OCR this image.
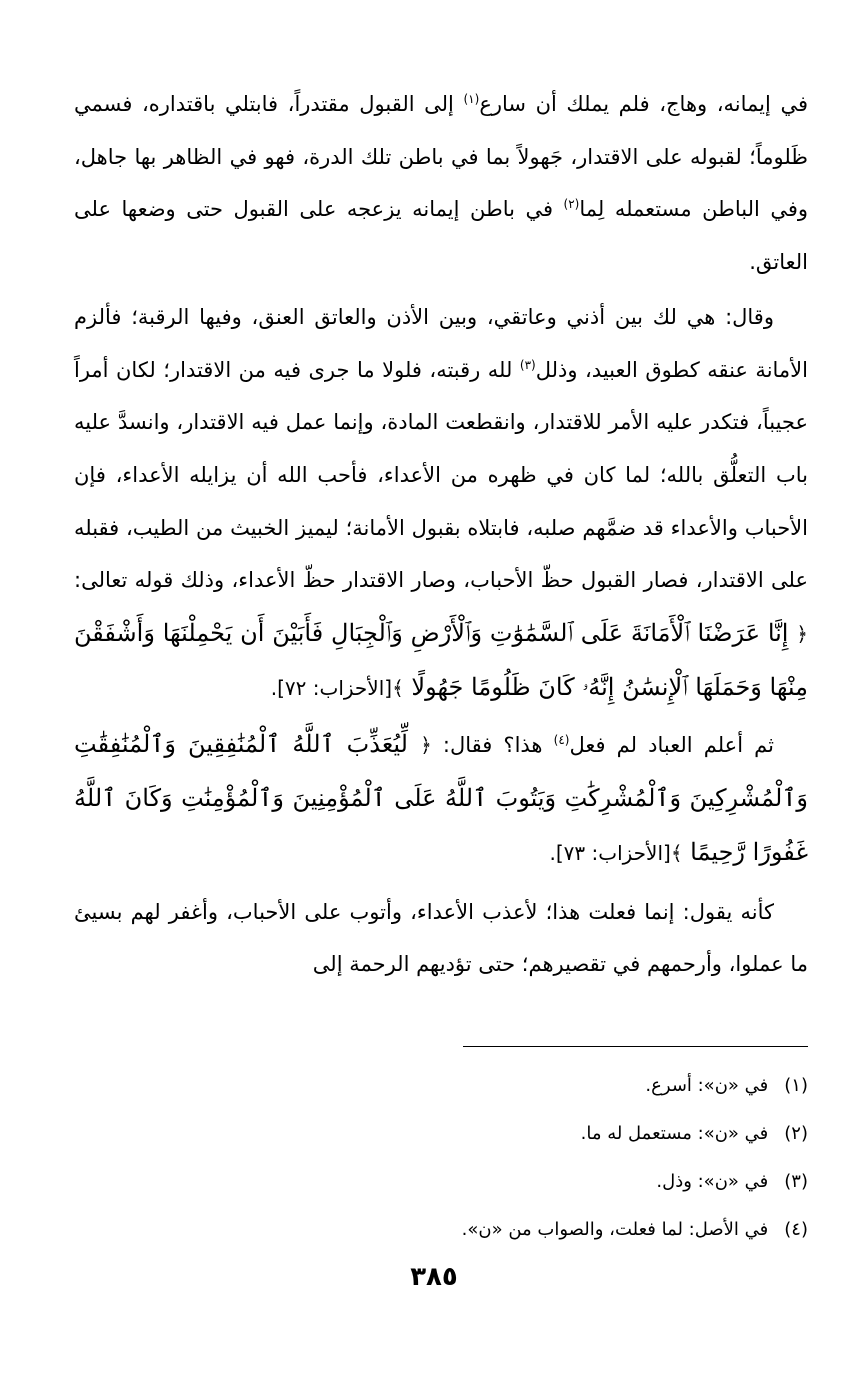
في إيمانه، وهاج، فلم يملك أن سارع$^{(١)}$ إلى القبول مقتدراً، فابتلي باقتداره، فسمي ظَلوماً؛ لقبوله على الاقتدار، جَهولاً بما في باطن تلك الدرة، فهو في الظاهر بها جاهل، وفي الباطن مستعمله لِما$^{(٢)}$ في باطن إيمانه يزعجه على القبول حتى وضعها على العاتق.

وقال: هي لك بين أذني وعاتقي، وبين الأذن والعاتق العنق، وفيها الرقبة؛ فألزم الأمانة عنقه كطوق العبيد، وذلل$^{(٣)}$ لله رقبته، فلولا ما جرى فيه من الاقتدار؛ لكان أمراً عجيباً، فتكدر عليه الأمر للاقتدار، وانقطعت المادة، وإنما عمل فيه الاقتدار، وانسدَّ عليه باب التعلُّق بالله؛ لما كان في ظهره من الأعداء، فأحب الله أن يزايله الأعداء، فإن الأحباب والأعداء قد ضمَّهم صلبه، فابتلاه بقبول الأمانة؛ ليميز الخبيث من الطيب، فقبله على الاقتدار، فصار القبول حظّ الأحباب، وصار الاقتدار حظّ الأعداء، وذلك قوله تعالى: ﴿ إِنَّا عَرَضْنَا ٱلْأَمَانَةَ عَلَى ٱلسَّمَٰوَٰتِ وَٱلْأَرْضِ وَٱلْجِبَالِ فَأَبَيْنَ أَن يَحْمِلْنَهَا وَأَشْفَقْنَ مِنْهَا وَحَمَلَهَا ٱلْإِنسَٰنُ إِنَّهُۥ كَانَ ظَلُومًا جَهُولًا ﴾[الأحزاب: ٧٢].

ثم أعلم العباد لم فعل$^{(٤)}$ هذا؟ فقال: ﴿ لِّيُعَذِّبَ ٱللَّهُ ٱلْمُنَٰفِقِينَ وَٱلْمُنَٰفِقَٰتِ وَٱلْمُشْرِكِينَ وَٱلْمُشْرِكَٰتِ وَيَتُوبَ ٱللَّهُ عَلَى ٱلْمُؤْمِنِينَ وَٱلْمُؤْمِنَٰتِ وَكَانَ ٱللَّهُ غَفُورًا رَّحِيمًا ﴾[الأحزاب: ٧٣].

كأنه يقول: إنما فعلت هذا؛ لأعذب الأعداء، وأتوب على الأحباب، وأغفر لهم بسيئ ما عملوا، وأرحمهم في تقصيرهم؛ حتى تؤديهم الرحمة إلى

(١)في «ن»: أسرع.

(٢)في «ن»: مستعمل له ما.

(٣)في «ن»: وذل.

(٤)في الأصل: لما فعلت، والصواب من «ن».

٣٨٥
